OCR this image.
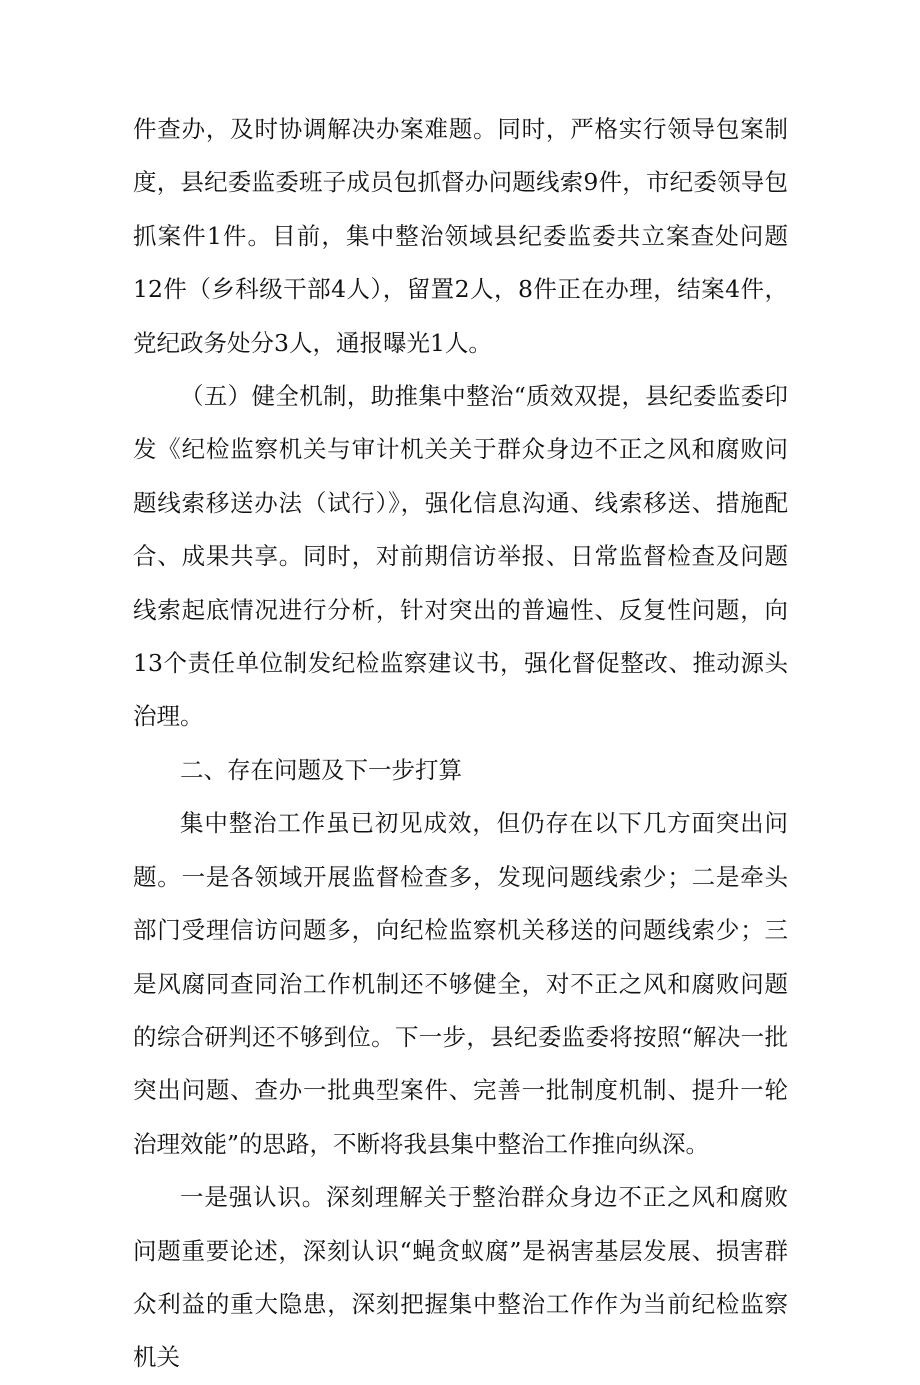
件查办，及时协调解决办案难题。同时，严格实行领导包案制度，县纪委监委班子成员包抓督办问题线索9件，市纪委领导包抓案件1件。目前，集中整治领域县纪委监委共立案查处问题12件（乡科级干部4人），留置2人，8件正在办理，结案4件，党纪政务处分3人，通报曝光1人。

（五）健全机制，助推集中整治“质效双提，县纪委监委印发《纪检监察机关与审计机关关于群众身边不正之风和腐败问题线索移送办法（试行）》，强化信息沟通、线索移送、措施配合、成果共享。同时，对前期信访举报、日常监督检查及问题线索起底情况进行分析，针对突出的普遍性、反复性问题，向13个责任单位制发纪检监察建议书，强化督促整改、推动源头治理。

二、存在问题及下一步打算

集中整治工作虽已初见成效，但仍存在以下几方面突出问题。一是各领域开展监督检查多，发现问题线索少；二是牵头部门受理信访问题多，向纪检监察机关移送的问题线索少；三是风腐同查同治工作机制还不够健全，对不正之风和腐败问题的综合研判还不够到位。下一步，县纪委监委将按照“解决一批突出问题、查办一批典型案件、完善一批制度机制、提升一轮治理效能”的思路，不断将我县集中整治工作推向纵深。

一是强认识。深刻理解关于整治群众身边不正之风和腐败问题重要论述，深刻认识“蝇贪蚁腐”是祸害基层发展、损害群众利益的重大隐患，深刻把握集中整治工作作为当前纪检监察机关
